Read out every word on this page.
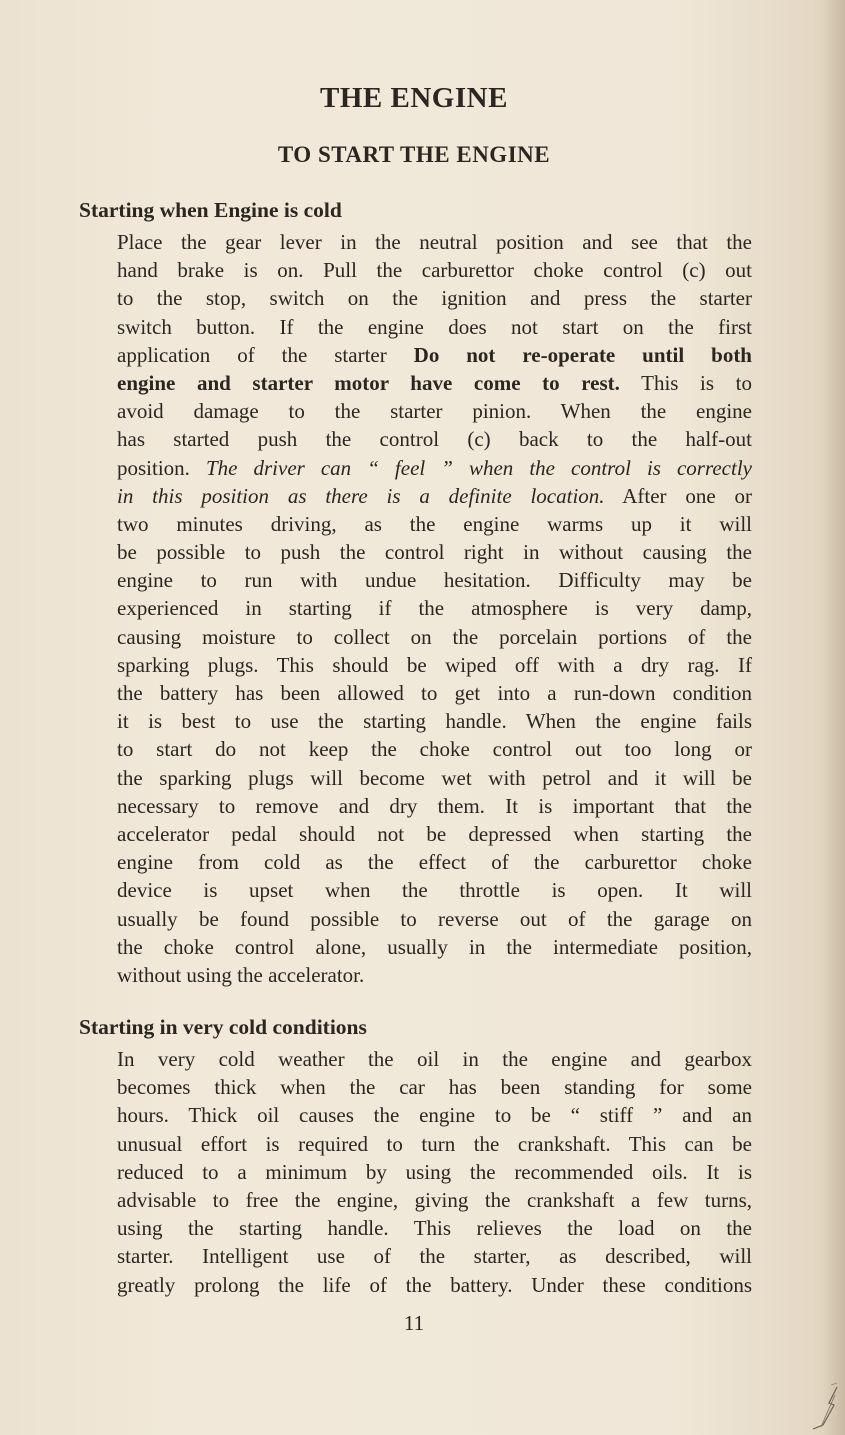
THE ENGINE
TO START THE ENGINE
Starting when Engine is cold
Place the gear lever in the neutral position and see that the
hand brake is on. Pull the carburettor choke control (c) out
to the stop, switch on the ignition and press the starter
switch button. If the engine does not start on the first
application of the starter Do not re-operate until both
engine and starter motor have come to rest. This is to
avoid damage to the starter pinion. When the engine
has started push the control (c) back to the half-out
position. The driver can “ feel ” when the control is correctly
in this position as there is a definite location. After one or
two minutes driving, as the engine warms up it will
be possible to push the control right in without causing the
engine to run with undue hesitation. Difficulty may be
experienced in starting if the atmosphere is very damp,
causing moisture to collect on the porcelain portions of the
sparking plugs. This should be wiped off with a dry rag. If
the battery has been allowed to get into a run-down condition
it is best to use the starting handle. When the engine fails
to start do not keep the choke control out too long or
the sparking plugs will become wet with petrol and it will be
necessary to remove and dry them. It is important that the
accelerator pedal should not be depressed when starting the
engine from cold as the effect of the carburettor choke
device is upset when the throttle is open. It will
usually be found possible to reverse out of the garage on
the choke control alone, usually in the intermediate position,
without using the accelerator.
Starting in very cold conditions
In very cold weather the oil in the engine and gearbox
becomes thick when the car has been standing for some
hours. Thick oil causes the engine to be “ stiff ” and an
unusual effort is required to turn the crankshaft. This can be
reduced to a minimum by using the recommended oils. It is
advisable to free the engine, giving the crankshaft a few turns,
using the starting handle. This relieves the load on the
starter. Intelligent use of the starter, as described, will
greatly prolong the life of the battery. Under these conditions
11
